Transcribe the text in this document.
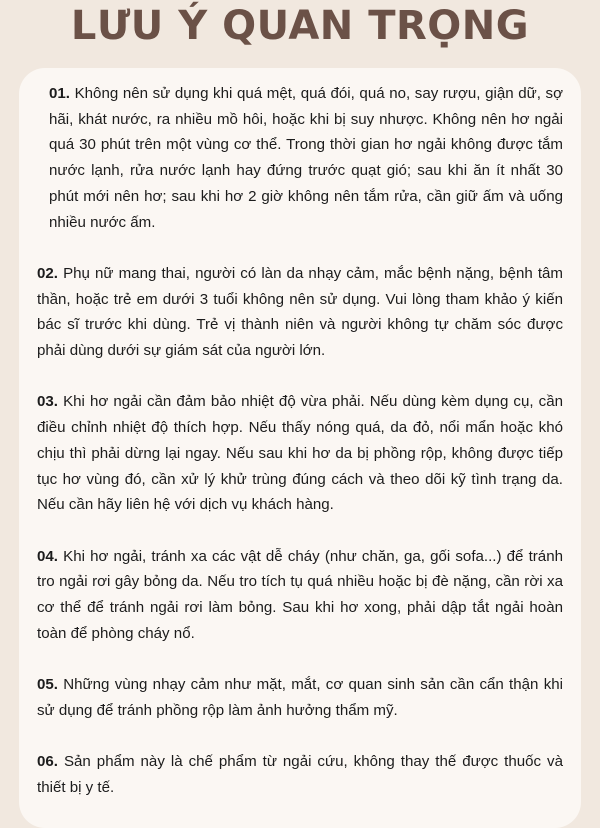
LƯU Ý QUAN TRỌNG

01. Không nên sử dụng khi quá mệt, quá đói, quá no, say rượu, giận dữ, sợ hãi, khát nước, ra nhiều mồ hôi, hoặc khi bị suy nhược. Không nên hơ ngải quá 30 phút trên một vùng cơ thể. Trong thời gian hơ ngải không được tắm nước lạnh, rửa nước lạnh hay đứng trước quạt gió; sau khi ăn ít nhất 30 phút mới nên hơ; sau khi hơ 2 giờ không nên tắm rửa, cần giữ ấm và uống nhiều nước ấm.

02. Phụ nữ mang thai, người có làn da nhạy cảm, mắc bệnh nặng, bệnh tâm thần, hoặc trẻ em dưới 3 tuổi không nên sử dụng. Vui lòng tham khảo ý kiến bác sĩ trước khi dùng. Trẻ vị thành niên và người không tự chăm sóc được phải dùng dưới sự giám sát của người lớn.

03. Khi hơ ngải cần đảm bảo nhiệt độ vừa phải. Nếu dùng kèm dụng cụ, cần điều chỉnh nhiệt độ thích hợp. Nếu thấy nóng quá, da đỏ, nổi mẩn hoặc khó chịu thì phải dừng lại ngay. Nếu sau khi hơ da bị phồng rộp, không được tiếp tục hơ vùng đó, cần xử lý khử trùng đúng cách và theo dõi kỹ tình trạng da. Nếu cần hãy liên hệ với dịch vụ khách hàng.

04. Khi hơ ngải, tránh xa các vật dễ cháy (như chăn, ga, gối sofa...) để tránh tro ngải rơi gây bỏng da. Nếu tro tích tụ quá nhiều hoặc bị đè nặng, cần rời xa cơ thể để tránh ngải rơi làm bỏng. Sau khi hơ xong, phải dập tắt ngải hoàn toàn để phòng cháy nổ.

05. Những vùng nhạy cảm như mặt, mắt, cơ quan sinh sản cần cẩn thận khi sử dụng để tránh phồng rộp làm ảnh hưởng thẩm mỹ.

06. Sản phẩm này là chế phẩm từ ngải cứu, không thay thế được thuốc và thiết bị y tế.
